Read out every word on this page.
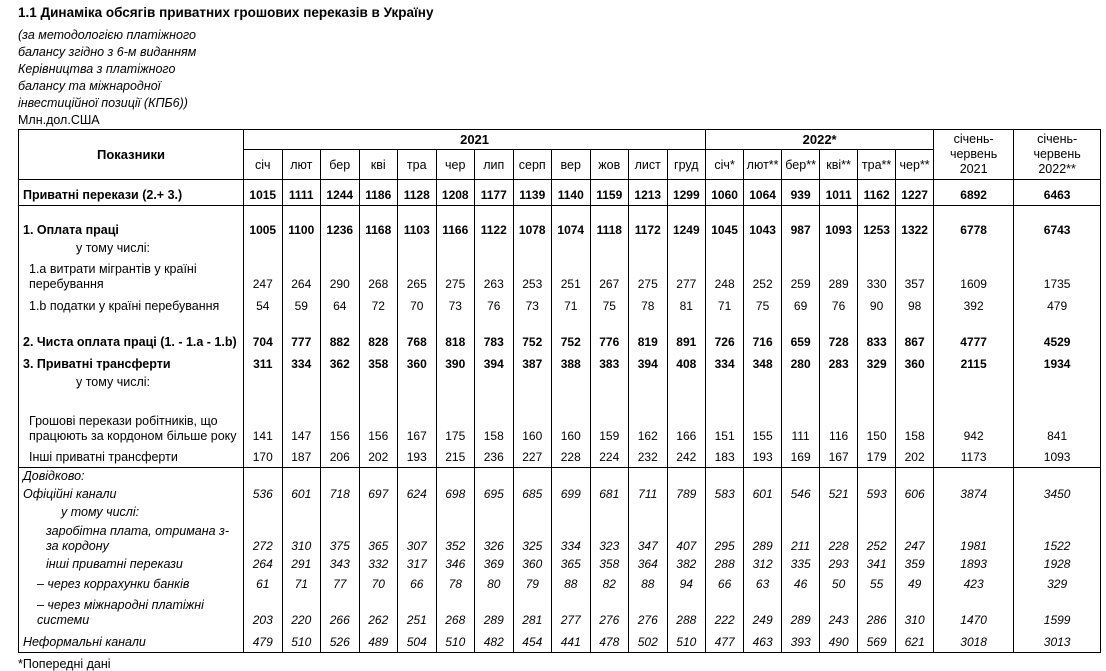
1.1 Динаміка обсягів приватних грошових переказів в Україну
(за методологією платіжного балансу згідно з 6-м виданням Керівництва з платіжного балансу та міжнародної інвестиційної позиції (КПБ6))
Млн.дол.США
Показники	2021												2022*						січень-червень 2021	січень-червень 2022**
	січ	лют	бер	кві	тра	чер	лип	серп	вер	жов	лист	груд	січ*	лют**	бер**	кві**	тра**	чер**		
Приватні перекази (2.+ 3.)	1015	1111	1244	1186	1128	1208	1177	1139	1140	1159	1213	1299	1060	1064	939	1011	1162	1227	6892	6463
1. Оплата праці	1005	1100	1236	1168	1103	1166	1122	1078	1074	1118	1172	1249	1045	1043	987	1093	1253	1322	6778	6743
у тому числі:																				
1.a витрати мігрантів у країні перебування	247	264	290	268	265	275	263	253	251	267	275	277	248	252	259	289	330	357	1609	1735
1.b податки у країні перебування	54	59	64	72	70	73	76	73	71	75	78	81	71	75	69	76	90	98	392	479
2. Чиста оплата праці (1. - 1.a - 1.b)	704	777	882	828	768	818	783	752	752	776	819	891	726	716	659	728	833	867	4777	4529
3. Приватні трансферти	311	334	362	358	360	390	394	387	388	383	394	408	334	348	280	283	329	360	2115	1934
у тому числі:																				
Грошові перекази робітників, що працюють за кордоном більше року	141	147	156	156	167	175	158	160	160	159	162	166	151	155	111	116	150	158	942	841
Інші приватні трансферти	170	187	206	202	193	215	236	227	228	224	232	242	183	193	169	167	179	202	1173	1093
Довідково:																				
Офіційні канали	536	601	718	697	624	698	695	685	699	681	711	789	583	601	546	521	593	606	3874	3450
у тому числі:																				
заробітна плата, отримана з-за кордону	272	310	375	365	307	352	326	325	334	323	347	407	295	289	211	228	252	247	1981	1522
інші приватні перекази	264	291	343	332	317	346	369	360	365	358	364	382	288	312	335	293	341	359	1893	1928
– через коррахунки банків	61	71	77	70	66	78	80	79	88	82	88	94	66	63	46	50	55	49	423	329
– через міжнародні платіжні системи	203	220	266	262	251	268	289	281	277	276	276	288	222	249	289	243	286	310	1470	1599
Неформальні канали	479	510	526	489	504	510	482	454	441	478	502	510	477	463	393	490	569	621	3018	3013
*Попередні дані
